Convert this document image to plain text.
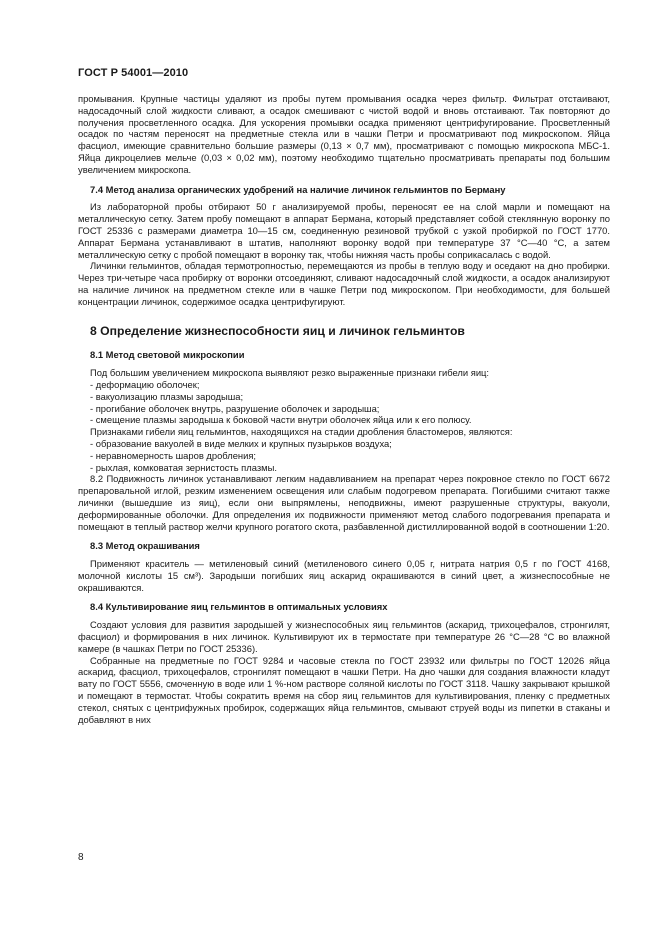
ГОСТ Р 54001—2010

промывания. Крупные частицы удаляют из пробы путем промывания осадка через фильтр. Фильтрат отстаивают, надосадочный слой жидкости сливают, а осадок смешивают с чистой водой и вновь отстаивают. Так повторяют до получения просветленного осадка. Для ускорения промывки осадка применяют центрифугирование. Просветленный осадок по частям переносят на предметные стекла или в чашки Петри и просматривают под микроскопом. Яйца фасциол, имеющие сравнительно большие размеры (0,13 × 0,7 мм), просматривают с помощью микроскопа МБС-1. Яйца дикроцелиев мельче (0,03 × 0,02 мм), поэтому необходимо тщательно просматривать препараты под большим увеличением микроскопа.

7.4 Метод анализа органических удобрений на наличие личинок гельминтов по Берману

Из лабораторной пробы отбирают 50 г анализируемой пробы, переносят ее на слой марли и помещают на металлическую сетку. Затем пробу помещают в аппарат Бермана, который представляет собой стеклянную воронку по ГОСТ 25336 с размерами диаметра 10—15 см, соединенную резиновой трубкой с узкой пробиркой по ГОСТ 1770. Аппарат Бермана устанавливают в штатив, наполняют воронку водой при температуре 37 °С—40 °С, а затем металлическую сетку с пробой помещают в воронку так, чтобы нижняя часть пробы соприкасалась с водой.

Личинки гельминтов, обладая термотропностью, перемещаются из пробы в теплую воду и оседают на дно пробирки. Через три-четыре часа пробирку от воронки отсоединяют, сливают надосадочный слой жидкости, а осадок анализируют на наличие личинок на предметном стекле или в чашке Петри под микроскопом. При необходимости, для большей концентрации личинок, содержимое осадка центрифугируют.

8 Определение жизнеспособности яиц и личинок гельминтов
8.1 Метод световой микроскопии

Под большим увеличением микроскопа выявляют резко выраженные признаки гибели яиц:

- деформацию оболочек;

- вакуолизацию плазмы зародыша;

- прогибание оболочек внутрь, разрушение оболочек и зародыша;

- смещение плазмы зародыша к боковой части внутри оболочек яйца или к его полюсу.

Признаками гибели яиц гельминтов, находящихся на стадии дробления бластомеров, являются:

- образование вакуолей в виде мелких и крупных пузырьков воздуха;

- неравномерность шаров дробления;

- рыхлая, комковатая зернистость плазмы.

8.2 Подвижность личинок устанавливают легким надавливанием на препарат через покровное стекло по ГОСТ 6672 препаровальной иглой, резким изменением освещения или слабым подогревом препарата. Погибшими считают также личинки (вышедшие из яиц), если они выпрямлены, неподвижны, имеют разрушенные структуры, вакуоли, деформированные оболочки. Для определения их подвижности применяют метод слабого подогревания препарата и помещают в теплый раствор желчи крупного рогатого скота, разбавленной дистиллированной водой в соотношении 1:20.

8.3 Метод окрашивания

Применяют краситель — метиленовый синий (метиленового синего 0,05 г, нитрата натрия 0,5 г по ГОСТ 4168, молочной кислоты 15 см³). Зародыши погибших яиц аскарид окрашиваются в синий цвет, а жизнеспособные не окрашиваются.

8.4 Культивирование яиц гельминтов в оптимальных условиях

Создают условия для развития зародышей у жизнеспособных яиц гельминтов (аскарид, трихоцефалов, стронгилят, фасциол) и формирования в них личинок. Культивируют их в термостате при температуре 26 °С—28 °С во влажной камере (в чашках Петри по ГОСТ 25336).

Собранные на предметные по ГОСТ 9284 и часовые стекла по ГОСТ 23932 или фильтры по ГОСТ 12026 яйца аскарид, фасциол, трихоцефалов, стронгилят помещают в чашки Петри. На дно чашки для создания влажности кладут вату по ГОСТ 5556, смоченную в воде или 1 %-ном растворе соляной кислоты по ГОСТ 3118. Чашку закрывают крышкой и помещают в термостат. Чтобы сократить время на сбор яиц гельминтов для культивирования, пленку с предметных стекол, снятых с центрифужных пробирок, содержащих яйца гельминтов, смывают струей воды из пипетки в стаканы и добавляют в них

8
